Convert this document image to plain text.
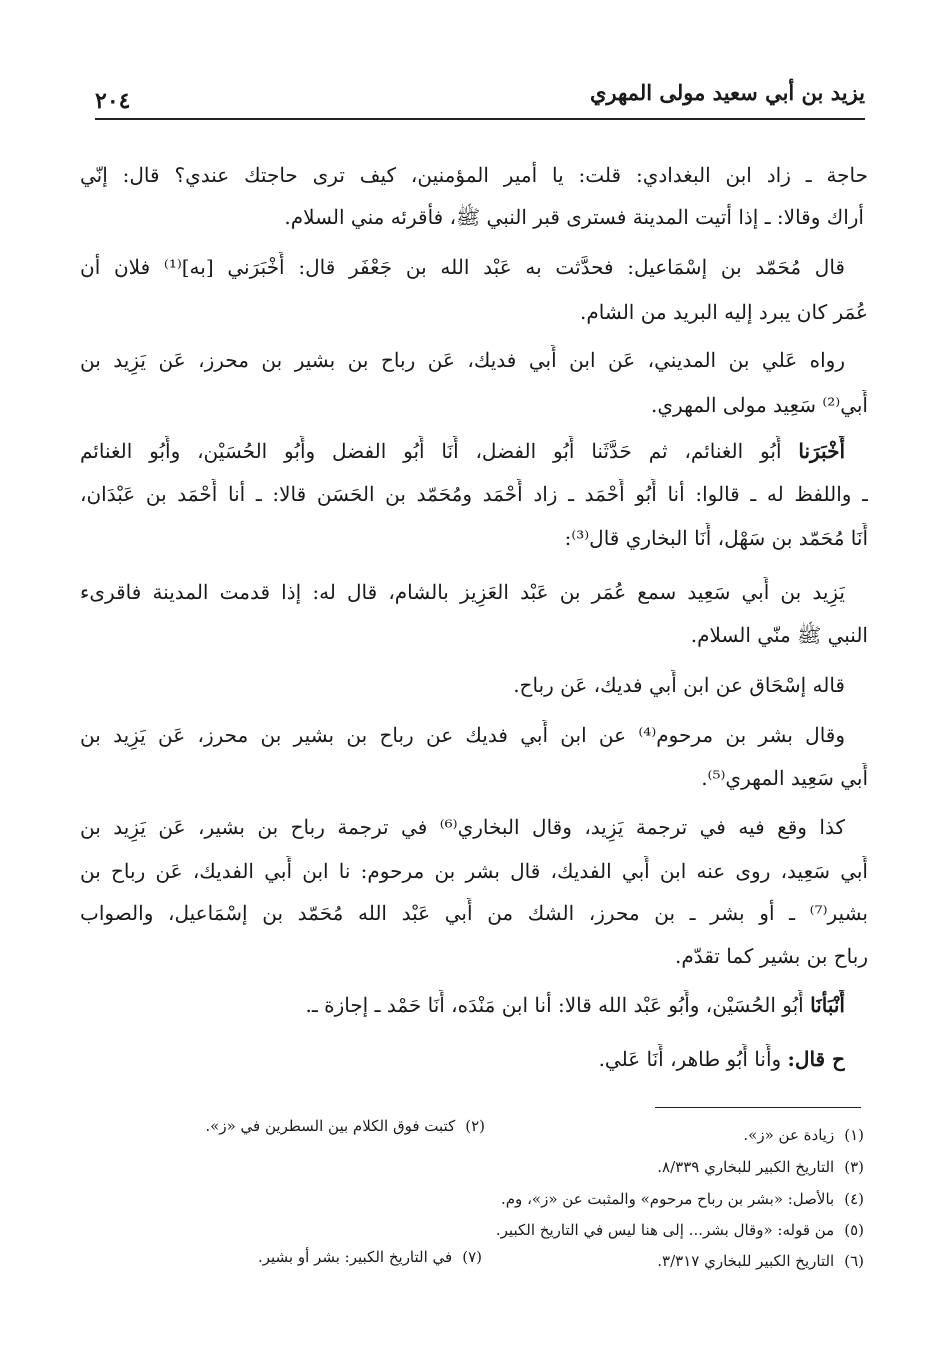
يزيد بن أبي سعيد مولى المهري
٢٠٤
حاجة ـ زاد ابن البغدادي: قلت: يا أمير المؤمنين، كيف ترى حاجتك عندي؟ قال: إنّي
أراك وقالا: ـ إذا أتيت المدينة فسترى قبر النبي ﷺ، فأقرئه مني السلام.
قال مُحَمّد بن إسْمَاعيل: فحدَّثت به عَبْد الله بن جَعْفَر قال: أَخْبَرَني [به]⁽¹⁾ فلان أن
عُمَر كان يبرد إليه البريد من الشام.
رواه عَلي بن المديني، عَن ابن أَبي فديك، عَن رباح بن بشير بن محرز، عَن يَزِيد بن
أَبي⁽²⁾ سَعِيد مولى المهري.
أَخْبَرَنا أَبُو الغنائم، ثم حَدَّثَنا أَبُو الفضل، أَنَا أَبُو الفضل وأَبُو الحُسَيْن، وأَبُو الغنائم
ـ واللفظ له ـ قالوا: أنا أَبُو أَحْمَد ـ زاد أَحْمَد ومُحَمّد بن الحَسَن قالا: ـ أنا أَحْمَد بن عَبْدَان،
أَنَا مُحَمّد بن سَهْل، أَنَا البخاري قال⁽³⁾:
يَزِيد بن أَبي سَعِيد سمع عُمَر بن عَبْد العَزِيز بالشام، قال له: إذا قدمت المدينة فاقرىء
النبي ﷺ منّي السلام.
قاله إسْحَاق عن ابن أَبي فديك، عَن رباح.
وقال بشر بن مرحوم⁽⁴⁾ عن ابن أَبي فديك عن رباح بن بشير بن محرز، عَن يَزِيد بن
أَبي سَعِيد المهري⁽⁵⁾.
كذا وقع فيه في ترجمة يَزِيد، وقال البخاري⁽⁶⁾ في ترجمة رباح بن بشير، عَن يَزِيد بن
أَبي سَعِيد، روى عنه ابن أَبي الفديك، قال بشر بن مرحوم: نا ابن أَبي الفديك، عَن رباح بن
بشير⁽⁷⁾ ـ أو بشر ـ بن محرز، الشك من أَبي عَبْد الله مُحَمّد بن إسْمَاعيل، والصواب
رباح بن بشير كما تقدّم.
أَنْبَأنَا أَبُو الحُسَيْن، وأَبُو عَبْد الله قالا: أنا ابن مَنْدَه، أَنَا حَمْد ـ إجازة ـ.
ح قال: وأَنا أَبُو طاهر، أَنَا عَلي.
(١)زيادة عن «ز».
(٢)كتبت فوق الكلام بين السطرين في «ز».
(٣)التاريخ الكبير للبخاري ٨/٣٣٩.
(٤)بالأصل: «بشر بن رباح مرحوم» والمثبت عن «ز»، وم.
(٥)من قوله: «وقال بشر... إلى هنا ليس في التاريخ الكبير.
(٦)التاريخ الكبير للبخاري ٣/٣١٧.
(٧)في التاريخ الكبير: بشر أو بشير.
